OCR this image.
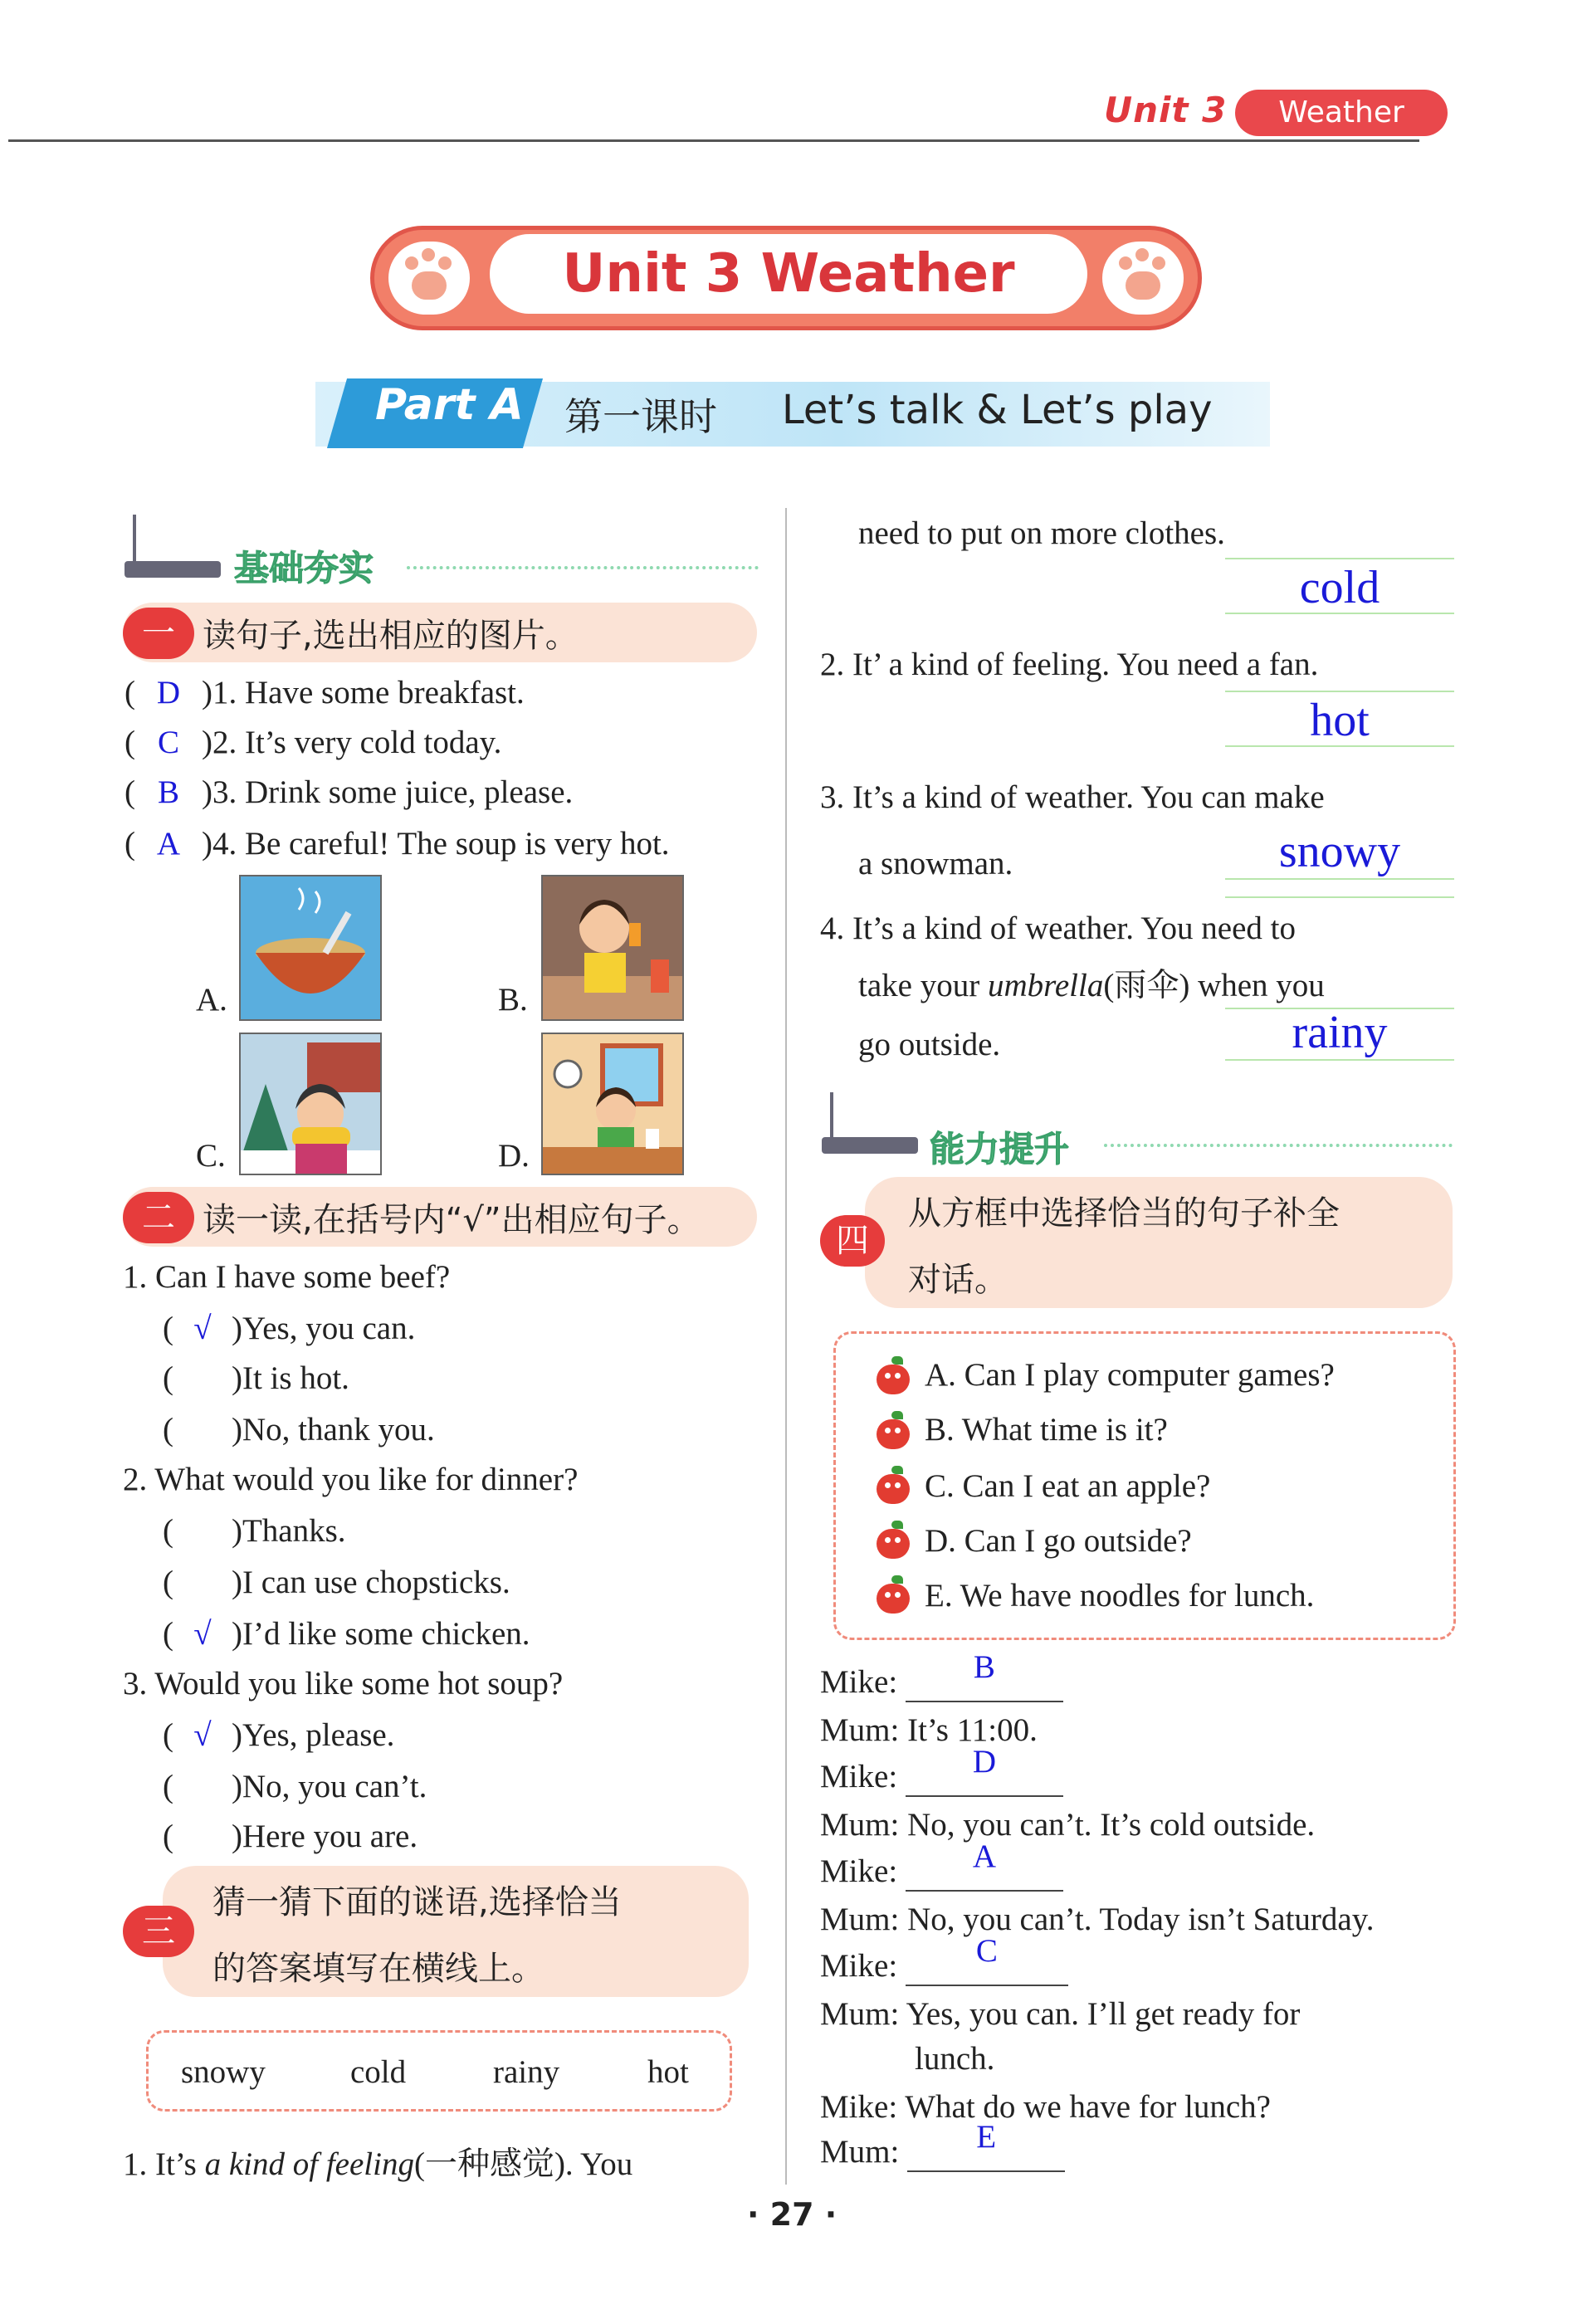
Unit 3	Weather
Unit 3 Weather
Part A 第一课时 Let’s talk & Let’s play
基础夯实
一 读句子,选出相应的图片。
( D )1. Have some breakfast.
( C )2. It’s very cold today.
( B )3. Drink some juice, please.
( A )4. Be careful! The soup is very hot.
A.	B.
C.	D.
二 读一读,在括号内“√”出相应句子。
1. Can I have some beef?
( √ )Yes, you can.
( )It is hot.
( )No, thank you.
2. What would you like for dinner?
( )Thanks.
( )I can use chopsticks.
( √ )I’d like some chicken.
3. Would you like some hot soup?
( √ )Yes, please.
( )No, you can’t.
( )Here you are.
三
猜一猜下面的谜语,选择恰当
的答案填写在横线上。
snowy	cold	rainy	hot
1. It’s a kind of feeling(一种感觉). You
need to put on more clothes.
cold
2. It’ a kind of feeling. You need a fan.
hot
3. It’s a kind of weather. You can make
a snowman.	snowy
4. It’s a kind of weather. You need to
take your umbrella(雨伞) when you
go outside.	rainy
能力提升
四
从方框中选择恰当的句子补全
对话。
A. Can I play computer games?
B. What time is it?
C. Can I eat an apple?
D. Can I go outside?
E. We have noodles for lunch.
Mike: B
Mum: It’s 11:00.
Mike: D
Mum: No, you can’t. It’s cold outside.
Mike: A
Mum: No, you can’t. Today isn’t Saturday.
Mike: C
Mum: Yes, you can. I’ll get ready for
lunch.
Mike: What do we have for lunch?
Mum: E
· 27 ·
